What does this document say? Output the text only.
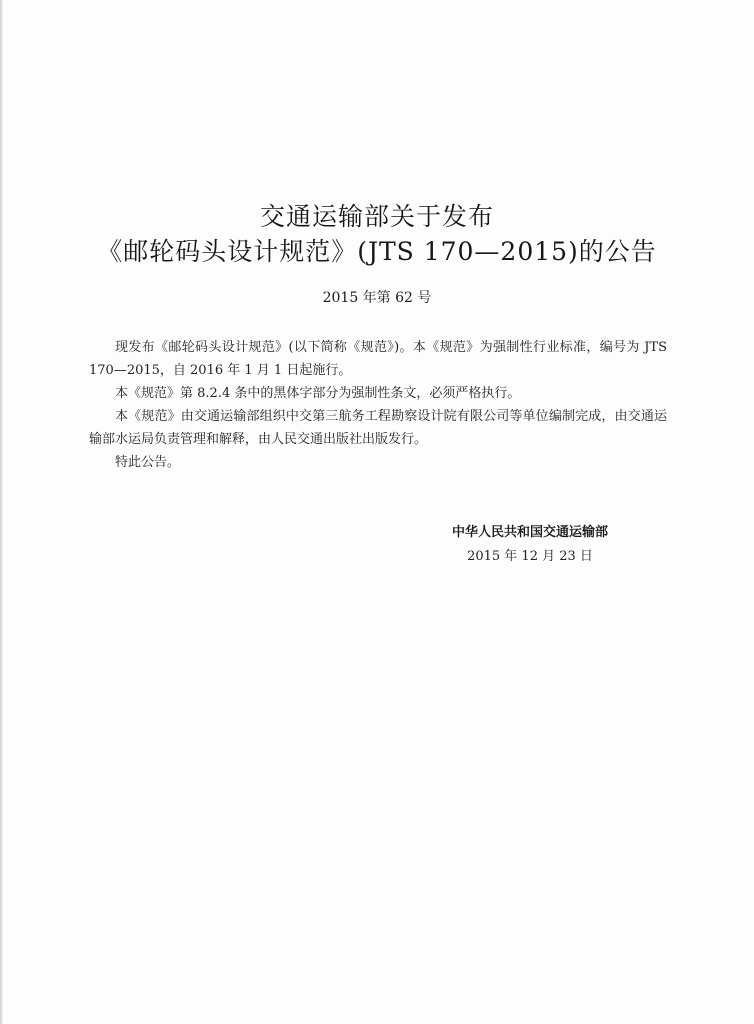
交通运输部关于发布
《邮轮码头设计规范》(JTS 170—2015)的公告
2015 年第 62 号

现发布《邮轮码头设计规范》(以下简称《规范》)。本《规范》为强制性行业标准，编号为 JTS 170—2015，自 2016 年 1 月 1 日起施行。

本《规范》第 8.2.4 条中的黑体字部分为强制性条文，必须严格执行。

本《规范》由交通运输部组织中交第三航务工程勘察设计院有限公司等单位编制完成，由交通运输部水运局负责管理和解释，由人民交通出版社出版发行。

特此公告。

中华人民共和国交通运输部
2015 年 12 月 23 日
